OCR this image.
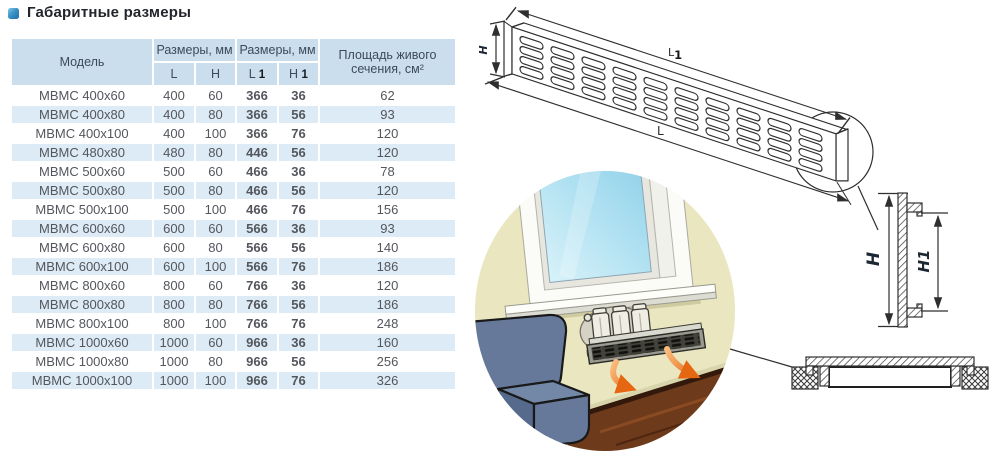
Габаритные размеры
Модель	Размеры, мм		Размеры, мм		Площадь живого сечения, см²
	L	H	L 1	H 1	
МВМС 400x60	400	60	366	36	62
МВМС 400x80	400	80	366	56	93
МВМС 400x100	400	100	366	76	120
МВМС 480x80	480	80	446	56	120
МВМС 500x60	500	60	466	36	78
МВМС 500x80	500	80	466	56	120
МВМС 500x100	500	100	466	76	156
МВМС 600x60	600	60	566	36	93
МВМС 600x80	600	80	566	56	140
МВМС 600x100	600	100	566	76	186
МВМС 800x60	800	60	766	36	120
МВМС 800x80	800	80	766	56	186
МВМС 800x100	800	100	766	76	248
МВМС 1000x60	1000	60	966	36	160
МВМС 1000x80	1000	80	966	56	256
МВМС 1000x100	1000	100	966	76	326
H	L1
L
H H1
